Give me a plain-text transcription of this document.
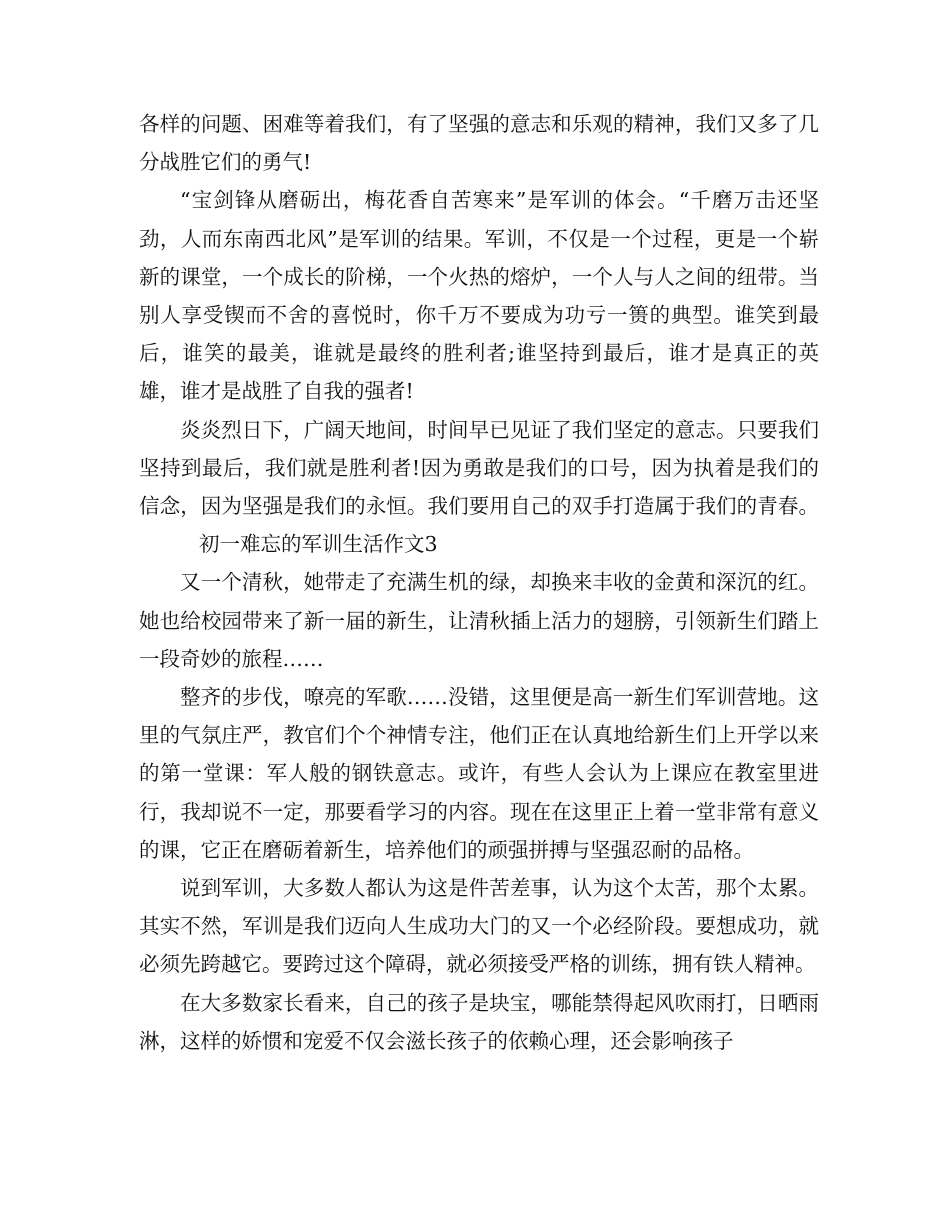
各样的问题、困难等着我们，有了坚强的意志和乐观的精神，我们又多了几分战胜它们的勇气!

“宝剑锋从磨砺出，梅花香自苦寒来”是军训的体会。“千磨万击还坚劲，人而东南西北风”是军训的结果。军训，不仅是一个过程，更是一个崭新的课堂，一个成长的阶梯，一个火热的熔炉，一个人与人之间的纽带。当别人享受锲而不舍的喜悦时，你千万不要成为功亏一篑的典型。谁笑到最后，谁笑的最美，谁就是最终的胜利者;谁坚持到最后，谁才是真正的英雄，谁才是战胜了自我的强者!

炎炎烈日下，广阔天地间，时间早已见证了我们坚定的意志。只要我们坚持到最后，我们就是胜利者!因为勇敢是我们的口号，因为执着是我们的信念，因为坚强是我们的永恒。我们要用自己的双手打造属于我们的青春。初一难忘的军训生活作文3

又一个清秋，她带走了充满生机的绿，却换来丰收的金黄和深沉的红。她也给校园带来了新一届的新生，让清秋插上活力的翅膀，引领新生们踏上一段奇妙的旅程……

整齐的步伐，嘹亮的军歌……没错，这里便是高一新生们军训营地。这里的气氛庄严，教官们个个神情专注，他们正在认真地给新生们上开学以来的第一堂课：军人般的钢铁意志。或许，有些人会认为上课应在教室里进行，我却说不一定，那要看学习的内容。现在在这里正上着一堂非常有意义的课，它正在磨砺着新生，培养他们的顽强拼搏与坚强忍耐的品格。

说到军训，大多数人都认为这是件苦差事，认为这个太苦，那个太累。其实不然，军训是我们迈向人生成功大门的又一个必经阶段。要想成功，就必须先跨越它。要跨过这个障碍，就必须接受严格的训练，拥有铁人精神。

在大多数家长看来，自己的孩子是块宝，哪能禁得起风吹雨打，日晒雨淋，这样的娇惯和宠爱不仅会滋长孩子的依赖心理，还会影响孩子
